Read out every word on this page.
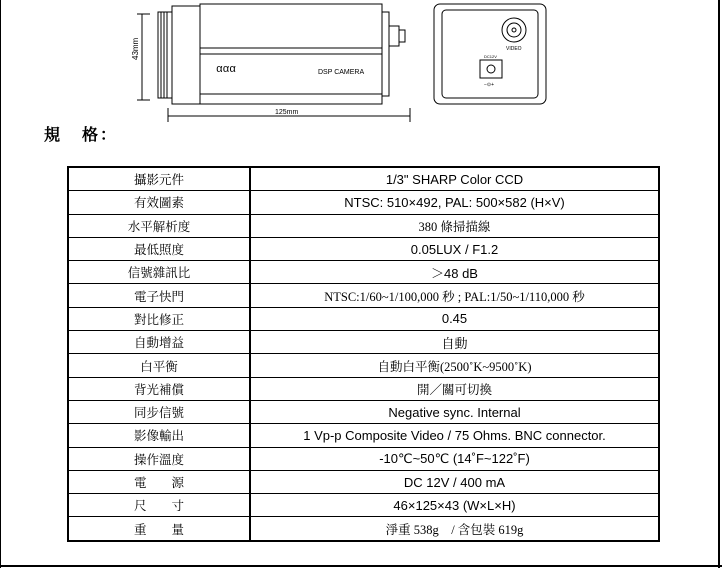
43mm
ααα	DSP CAMERA
125mm
VIDEO
DC12V
−⊙+
規 格：
攝影元件	1/3" SHARP Color CCD
有效圖素	NTSC: 510×492, PAL: 500×582 (H×V)
水平解析度	380 條掃描線
最低照度	0.05LUX / F1.2
信號雜訊比	＞48 dB
電子快門	NTSC:1/60~1/100,000 秒 ; PAL:1/50~1/110,000 秒
對比修正	0.45
自動增益	自動
白平衡	自動白平衡(2500˚K~9500˚K)
背光補償	開／關可切換
同步信號	Negative sync. Internal
影像輸出	1 Vp-p Composite Video / 75 Ohms. BNC connector.
操作溫度	-10℃~50℃ (14˚F~122˚F)
電　　源	DC 12V / 400 mA
尺　　寸	46×125×43 (W×L×H)
重　　量	淨重 538g　/ 含包裝 619g
